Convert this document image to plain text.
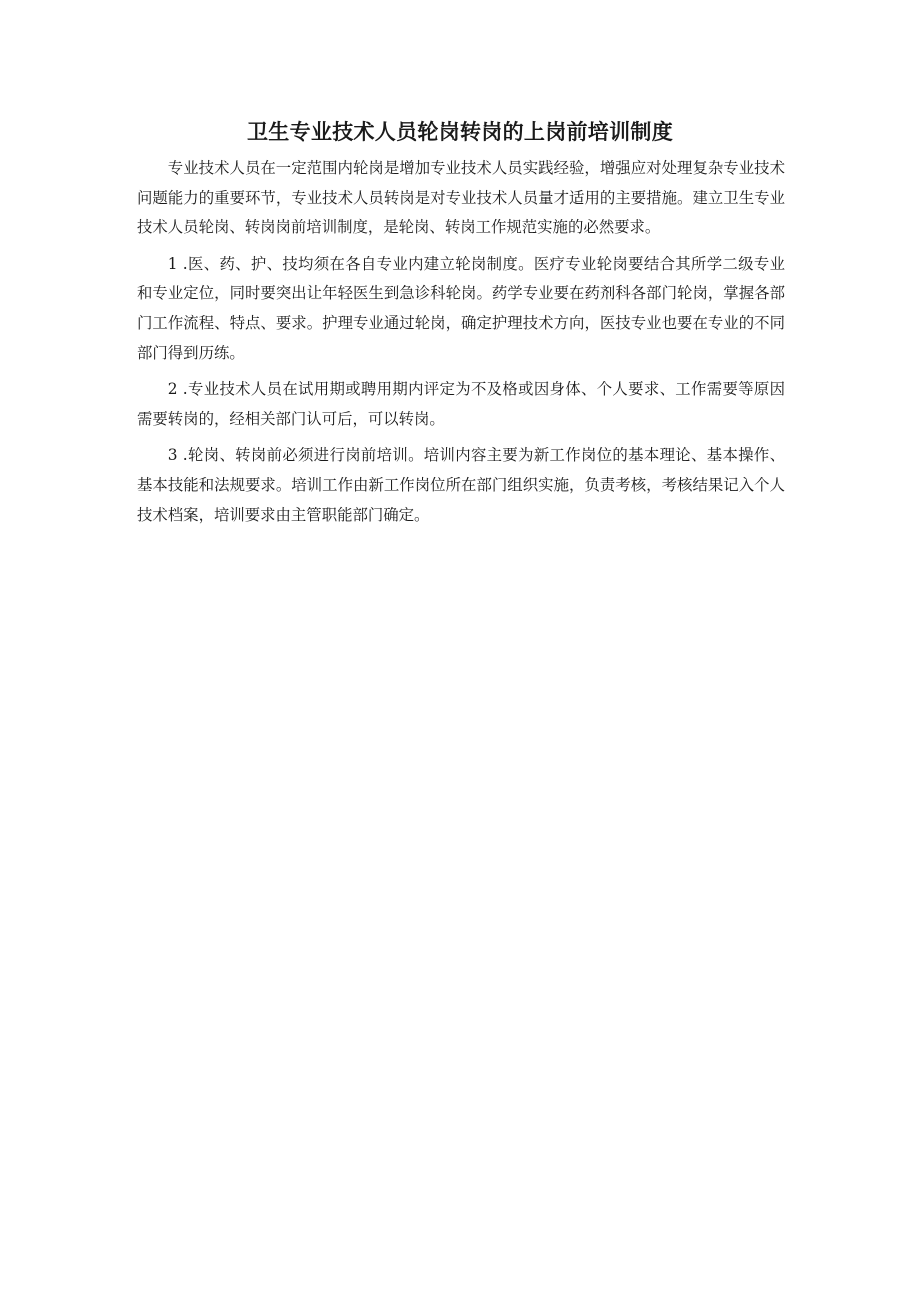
卫生专业技术人员轮岗转岗的上岗前培训制度

专业技术人员在一定范围内轮岗是增加专业技术人员实践经验，增强应对处理复杂专业技术问题能力的重要环节，专业技术人员转岗是对专业技术人员量才适用的主要措施。建立卫生专业技术人员轮岗、转岗岗前培训制度，是轮岗、转岗工作规范实施的必然要求。

1 .医、药、护、技均须在各自专业内建立轮岗制度。医疗专业轮岗要结合其所学二级专业和专业定位，同时要突出让年轻医生到急诊科轮岗。药学专业要在药剂科各部门轮岗，掌握各部门工作流程、特点、要求。护理专业通过轮岗，确定护理技术方向，医技专业也要在专业的不同部门得到历练。

2 .专业技术人员在试用期或聘用期内评定为不及格或因身体、个人要求、工作需要等原因需要转岗的，经相关部门认可后，可以转岗。

3 .轮岗、转岗前必须进行岗前培训。培训内容主要为新工作岗位的基本理论、基本操作、基本技能和法规要求。培训工作由新工作岗位所在部门组织实施，负责考核，考核结果记入个人技术档案，培训要求由主管职能部门确定。
